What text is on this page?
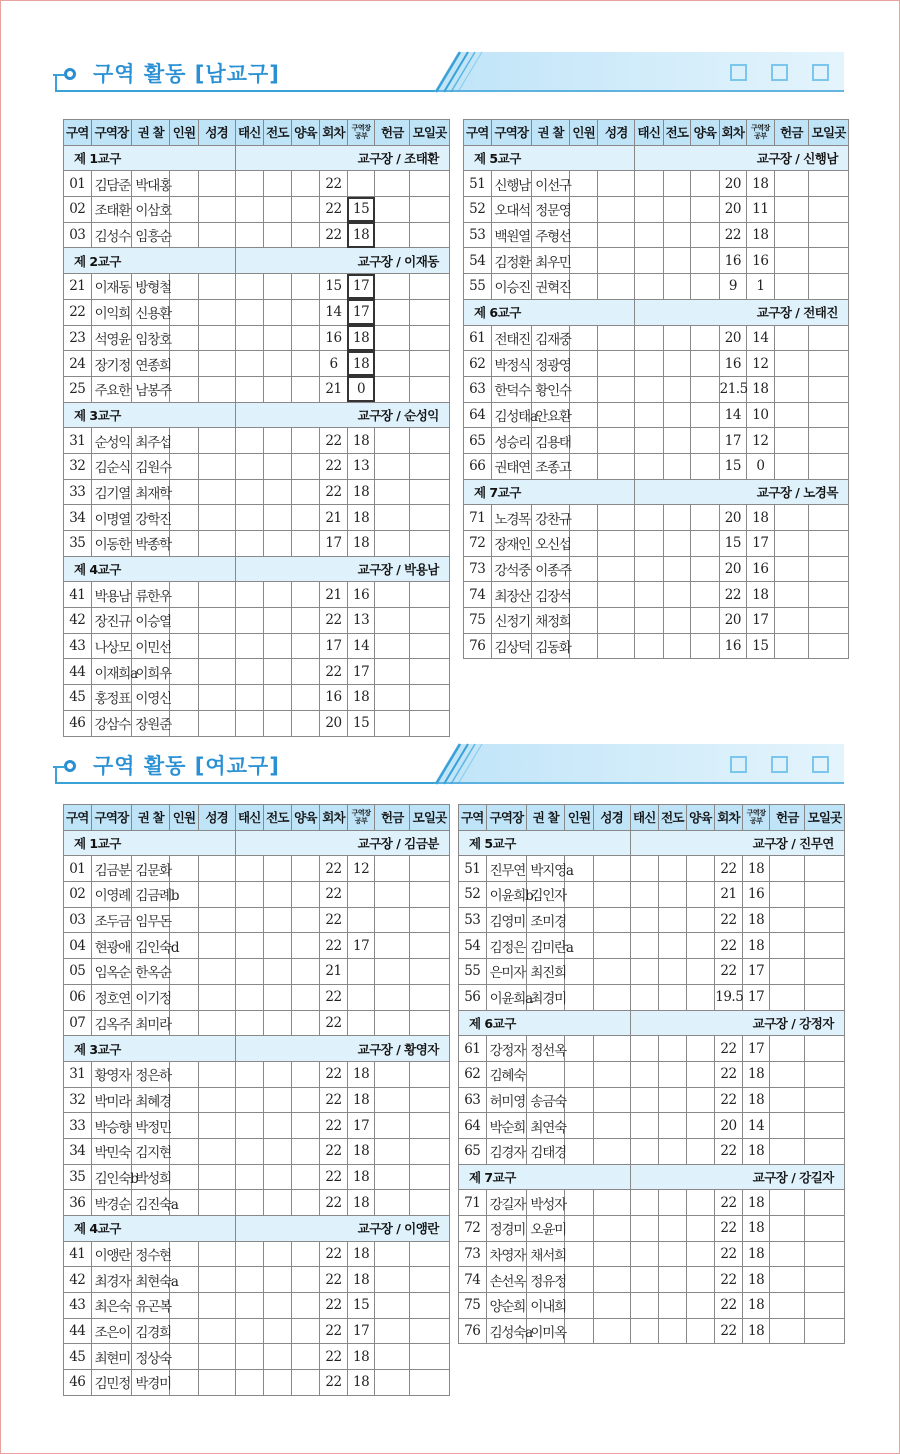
구역 활동 [남교구]
구역	구역장	권 찰	인원	성경	태신	전도	양육	회차	구역장 공부	헌금	모일곳
제 1교구					교구장 / 조태환						
01	김담준	박대홍						22			
02	조태환	이삼호						22	15		
03	김성수	임흥순						22	18		
제 2교구					교구장 / 이재동						
21	이재동	방형철						15	17		
22	이익희	신용환						14	17		
23	석영윤	임창호						16	18		
24	장기정	연종희						6	18		
25	주요한	남봉주						21	0		
제 3교구					교구장 / 순성익						
31	순성익	최주섭						22	18		
32	김순식	김원수						22	13		
33	김기열	최재학						22	18		
34	이명열	강학진						21	18		
35	이동한	박종학						17	18		
제 4교구					교구장 / 박용남						
41	박용남	류한우						21	16		
42	장진규	이승열						22	13		
43	나상모	이민선						17	14		
44	이재희a	이희우						22	17		
45	홍정표	이영신						16	18		
46	강삼수	장원준						20	15		
구역	구역장	권 찰	인원	성경	태신	전도	양육	회차	구역장 공부	헌금	모일곳
제 5교구					교구장 / 신행남						
51	신행남	이선구						20	18		
52	오대석	정문영						20	11		
53	백원열	주형선						22	18		
54	김정환	최우민						16	16		
55	이승진	권혁진						9	1		
제 6교구					교구장 / 전태진						
61	전태진	김재중						20	14		
62	박정식	정광영						16	12		
63	한덕수	황인수						21.5	18		
64	김성태a	안요환						14	10		
65	성승리	김용태						17	12		
66	권태연	조종고						15	0		
제 7교구					교구장 / 노경목						
71	노경목	강찬규						20	18		
72	장재인	오신섭						15	17		
73	강석중	이종주						20	16		
74	최장산	김장석						22	18		
75	신정기	채정희						20	17		
76	김상덕	김동화						16	15		
구역 활동 [여교구]
구역	구역장	권 찰	인원	성경	태신	전도	양육	회차	구역장 공부	헌금	모일곳
제 1교구					교구장 / 김금분						
01	김금분	김문화						22	12		
02	이영례	김금례b						22			
03	조두금	임무돈						22			
04	현광애	김인숙d						22	17		
05	임옥순	한옥순						21			
06	정호연	이기정						22			
07	김옥주	최미라						22			
제 3교구					교구장 / 황영자						
31	황영자	정은하						22	18		
32	박미라	최혜경						22	18		
33	박승향	박정민						22	17		
34	박민숙	김지현						22	18		
35	김인숙b	박성희						22	18		
36	박경순	김진숙a						22	18		
제 4교구					교구장 / 이앵란						
41	이앵란	정수현						22	18		
42	최경자	최현숙a						22	18		
43	최은숙	유곤복						22	15		
44	조은이	김경희						22	17		
45	최현미	정상숙						22	18		
46	김민정	박경미						22	18		
구역	구역장	권 찰	인원	성경	태신	전도	양육	회차	구역장 공부	헌금	모일곳
제 5교구					교구장 / 진무연						
51	진무연	박지영a						22	18		
52	이윤희b	김인자						21	16		
53	김영미	조미경						22	18		
54	김정은	김미란a						22	18		
55	은미자	최진희						22	17		
56	이윤희a	최경미						19.5	17		
제 6교구					교구장 / 강정자						
61	강정자	정선옥						22	17		
62	김혜숙							22	18		
63	허미영	송금숙						22	18		
64	박순희	최연숙						20	14		
65	김경자	김태경						22	18		
제 7교구					교구장 / 강길자						
71	강길자	박성자						22	18		
72	정경미	오윤미						22	18		
73	차영자	채서희						22	18		
74	손선옥	정유정						22	18		
75	양순희	이내희						22	18		
76	김성숙a	이미옥						22	18		
